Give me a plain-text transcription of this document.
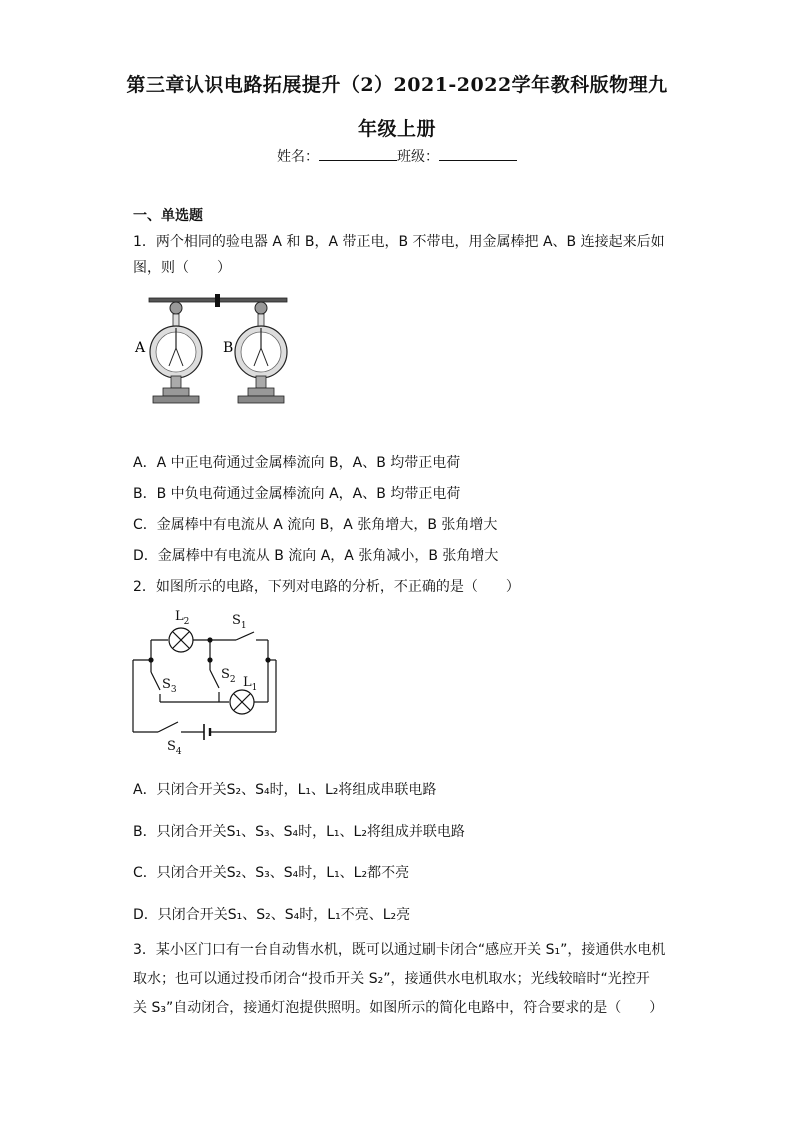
第三章认识电路拓展提升（2）2021-2022学年教科版物理九
年级上册
姓名：	班级：
一、单选题
1．两个相同的验电器 A 和 B，A 带正电，B 不带电，用金属棒把 A、B 连接起来后如
图，则（　　）
A	B
A．A 中正电荷通过金属棒流向 B，A、B 均带正电荷
B．B 中负电荷通过金属棒流向 A，A、B 均带正电荷
C．金属棒中有电流从 A 流向 B，A 张角增大，B 张角增大
D．金属棒中有电流从 B 流向 A，A 张角减小，B 张角增大
2．如图所示的电路，下列对电路的分析，不正确的是（　　）
$L_2$	$S_1$
$S_3$
$S_2$ $L_1$
$S_4$
A．只闭合开关S₂、S₄时，L₁、L₂将组成串联电路
B．只闭合开关S₁、S₃、S₄时，L₁、L₂将组成并联电路
C．只闭合开关S₂、S₃、S₄时，L₁、L₂都不亮
D．只闭合开关S₁、S₂、S₄时，L₁不亮、L₂亮
3．某小区门口有一台自动售水机，既可以通过刷卡闭合“感应开关 S₁”，接通供水电机
取水；也可以通过投币闭合“投币开关 S₂”，接通供水电机取水；光线较暗时“光控开
关 S₃”自动闭合，接通灯泡提供照明。如图所示的简化电路中，符合要求的是（　　）
